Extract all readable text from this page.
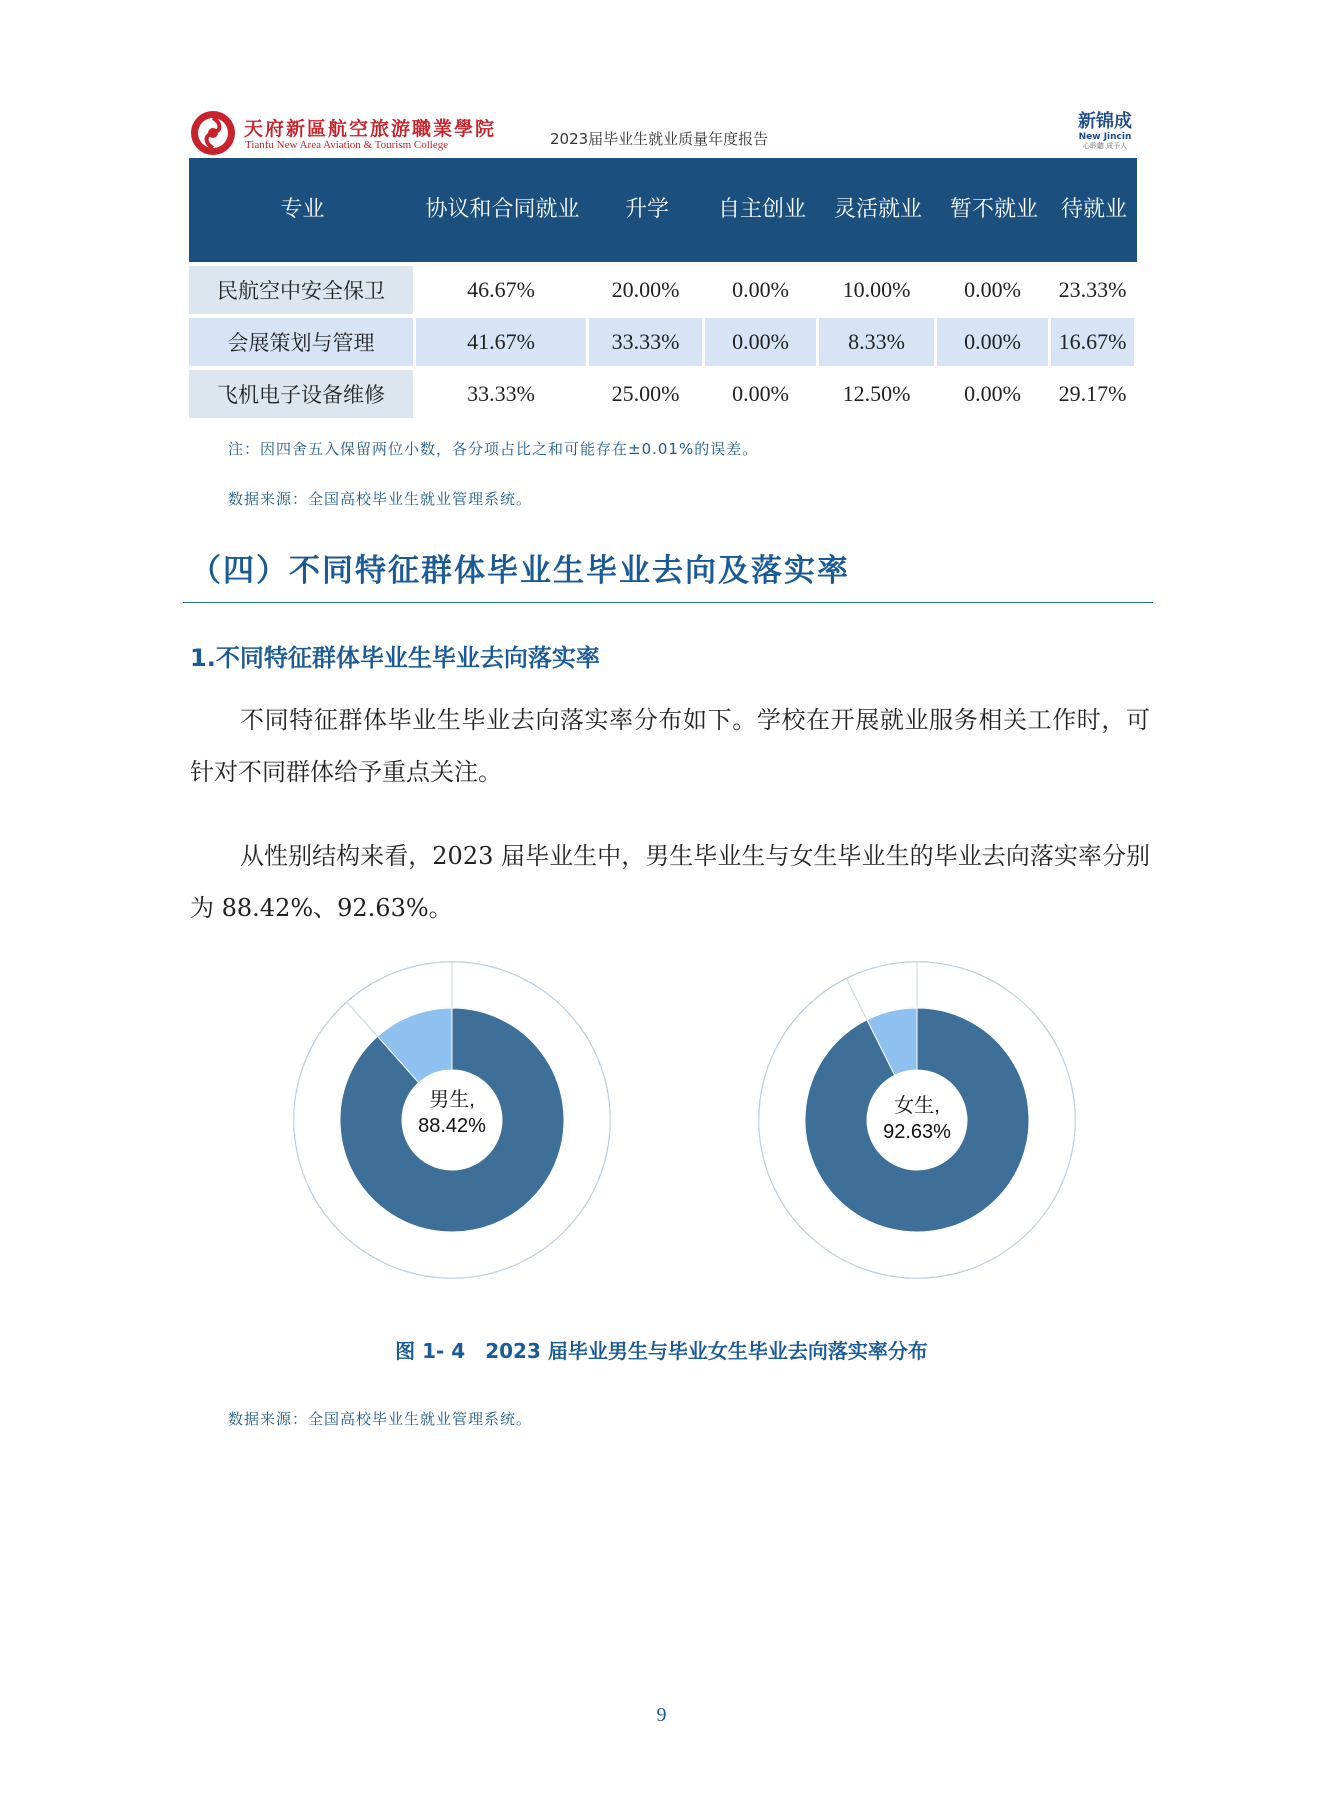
天府新區航空旅游職業學院
Tianfu New Area Aviation & Tourism College	2023届毕业生就业质量年度报告
新锦成
New Jincin
心聆聽 成予人
专业	协议和合同就业	升学	自主创业	灵活就业	暂不就业	待就业
民航空中安全保卫	46.67%	20.00%	0.00%	10.00%	0.00%	23.33%
会展策划与管理	41.67%	33.33%	0.00%	8.33%	0.00%	16.67%
飞机电子设备维修	33.33%	25.00%	0.00%	12.50%	0.00%	29.17%
注：因四舍五入保留两位小数，各分项占比之和可能存在±0.01%的误差。
数据来源：全国高校毕业生就业管理系统。
（四）不同特征群体毕业生毕业去向及落实率
1.不同特征群体毕业生毕业去向落实率
不同特征群体毕业生毕业去向落实率分布如下。学校在开展就业服务相关工作时，可针对不同群体给予重点关注。
从性别结构来看，2023 届毕业生中，男生毕业生与女生毕业生的毕业去向落实率分别为 88.42%、92.63%。
男生,
88.42%
女生,
92.63%
图 1- 4　2023 届毕业男生与毕业女生毕业去向落实率分布
数据来源：全国高校毕业生就业管理系统。
9
